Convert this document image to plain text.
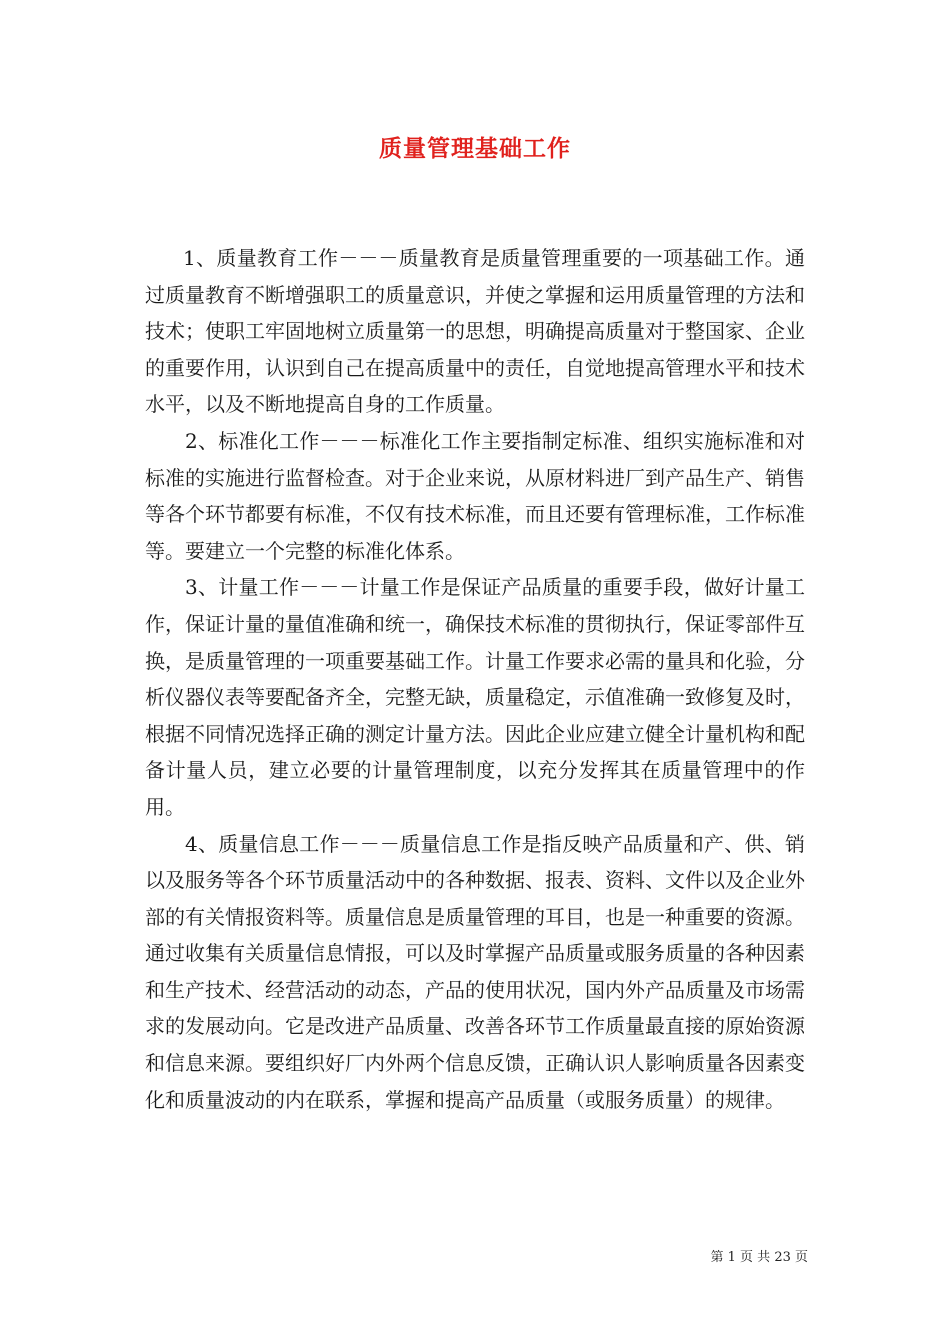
质量管理基础工作

1、质量教育工作－－－质量教育是质量管理重要的一项基础工作。通过质量教育不断增强职工的质量意识，并使之掌握和运用质量管理的方法和技术；使职工牢固地树立质量第一的思想，明确提高质量对于整国家、企业的重要作用，认识到自己在提高质量中的责任，自觉地提高管理水平和技术水平，以及不断地提高自身的工作质量。

2、标准化工作－－－标准化工作主要指制定标准、组织实施标准和对标准的实施进行监督检查。对于企业来说，从原材料进厂到产品生产、销售等各个环节都要有标准，不仅有技术标准，而且还要有管理标准，工作标准等。要建立一个完整的标准化体系。

3、计量工作－－－计量工作是保证产品质量的重要手段，做好计量工作，保证计量的量值准确和统一，确保技术标准的贯彻执行，保证零部件互换，是质量管理的一项重要基础工作。计量工作要求必需的量具和化验，分析仪器仪表等要配备齐全，完整无缺，质量稳定，示值准确一致修复及时，根据不同情况选择正确的测定计量方法。因此企业应建立健全计量机构和配备计量人员，建立必要的计量管理制度，以充分发挥其在质量管理中的作用。

4、质量信息工作－－－质量信息工作是指反映产品质量和产、供、销以及服务等各个环节质量活动中的各种数据、报表、资料、文件以及企业外部的有关情报资料等。质量信息是质量管理的耳目，也是一种重要的资源。通过收集有关质量信息情报，可以及时掌握产品质量或服务质量的各种因素和生产技术、经营活动的动态，产品的使用状况，国内外产品质量及市场需求的发展动向。它是改进产品质量、改善各环节工作质量最直接的原始资源和信息来源。要组织好厂内外两个信息反馈，正确认识人影响质量各因素变化和质量波动的内在联系，掌握和提高产品质量（或服务质量）的规律。

第 1 页 共 23 页
